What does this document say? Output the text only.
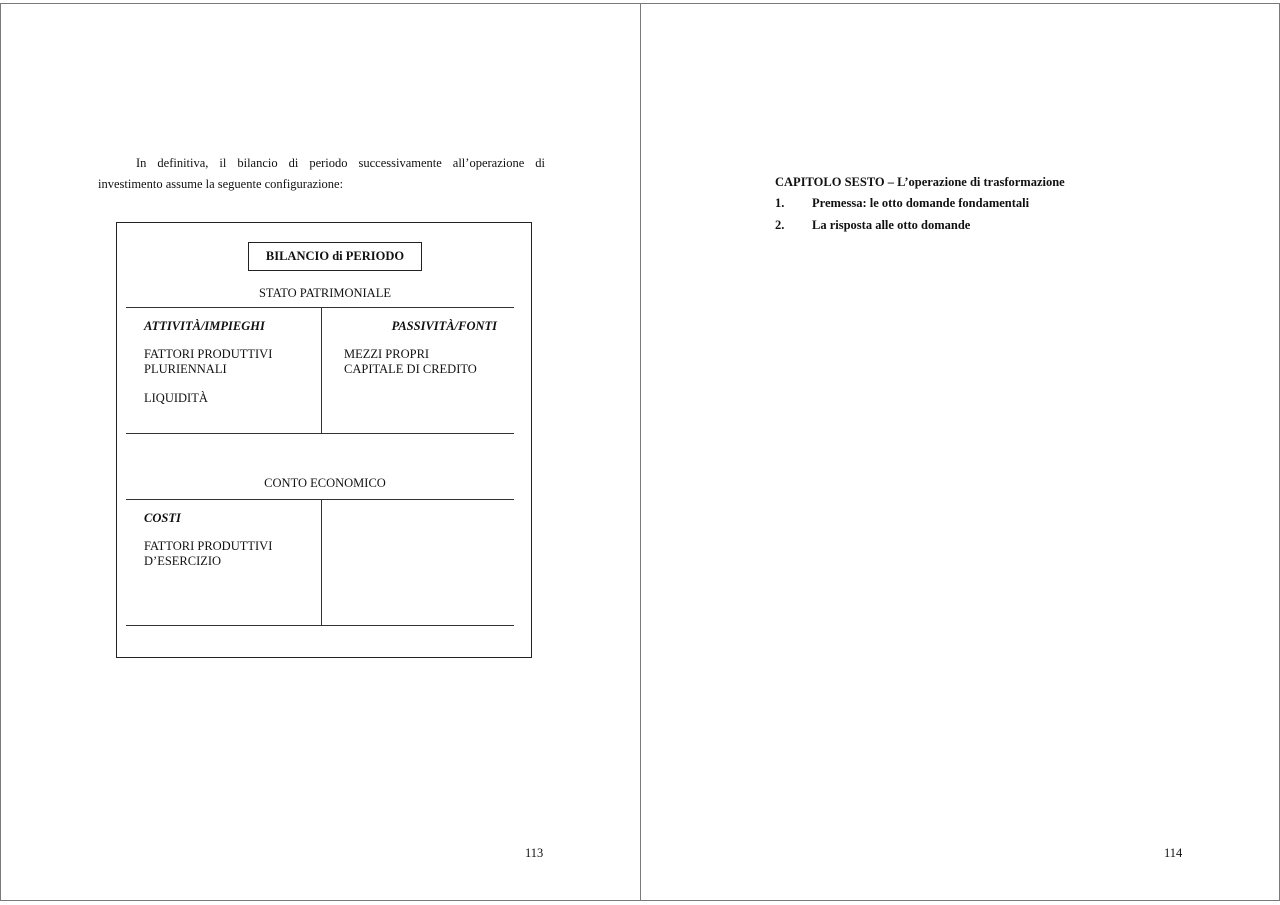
In definitiva, il bilancio di periodo successivamente all’operazione di
investimento assume la seguente configurazione:
BILANCIO di PERIODO
STATO PATRIMONIALE
ATTIVITÀ/IMPIEGHI
FATTORI PRODUTTIVI
PLURIENNALI
LIQUIDITÀ
PASSIVITÀ/FONTI
MEZZI PROPRI
CAPITALE DI CREDITO
CONTO ECONOMICO
COSTI
FATTORI PRODUTTIVI
D’ESERCIZIO
113
CAPITOLO SESTO – L’operazione di trasformazione
1. Premessa: le otto domande fondamentali
2. La risposta alle otto domande
114
